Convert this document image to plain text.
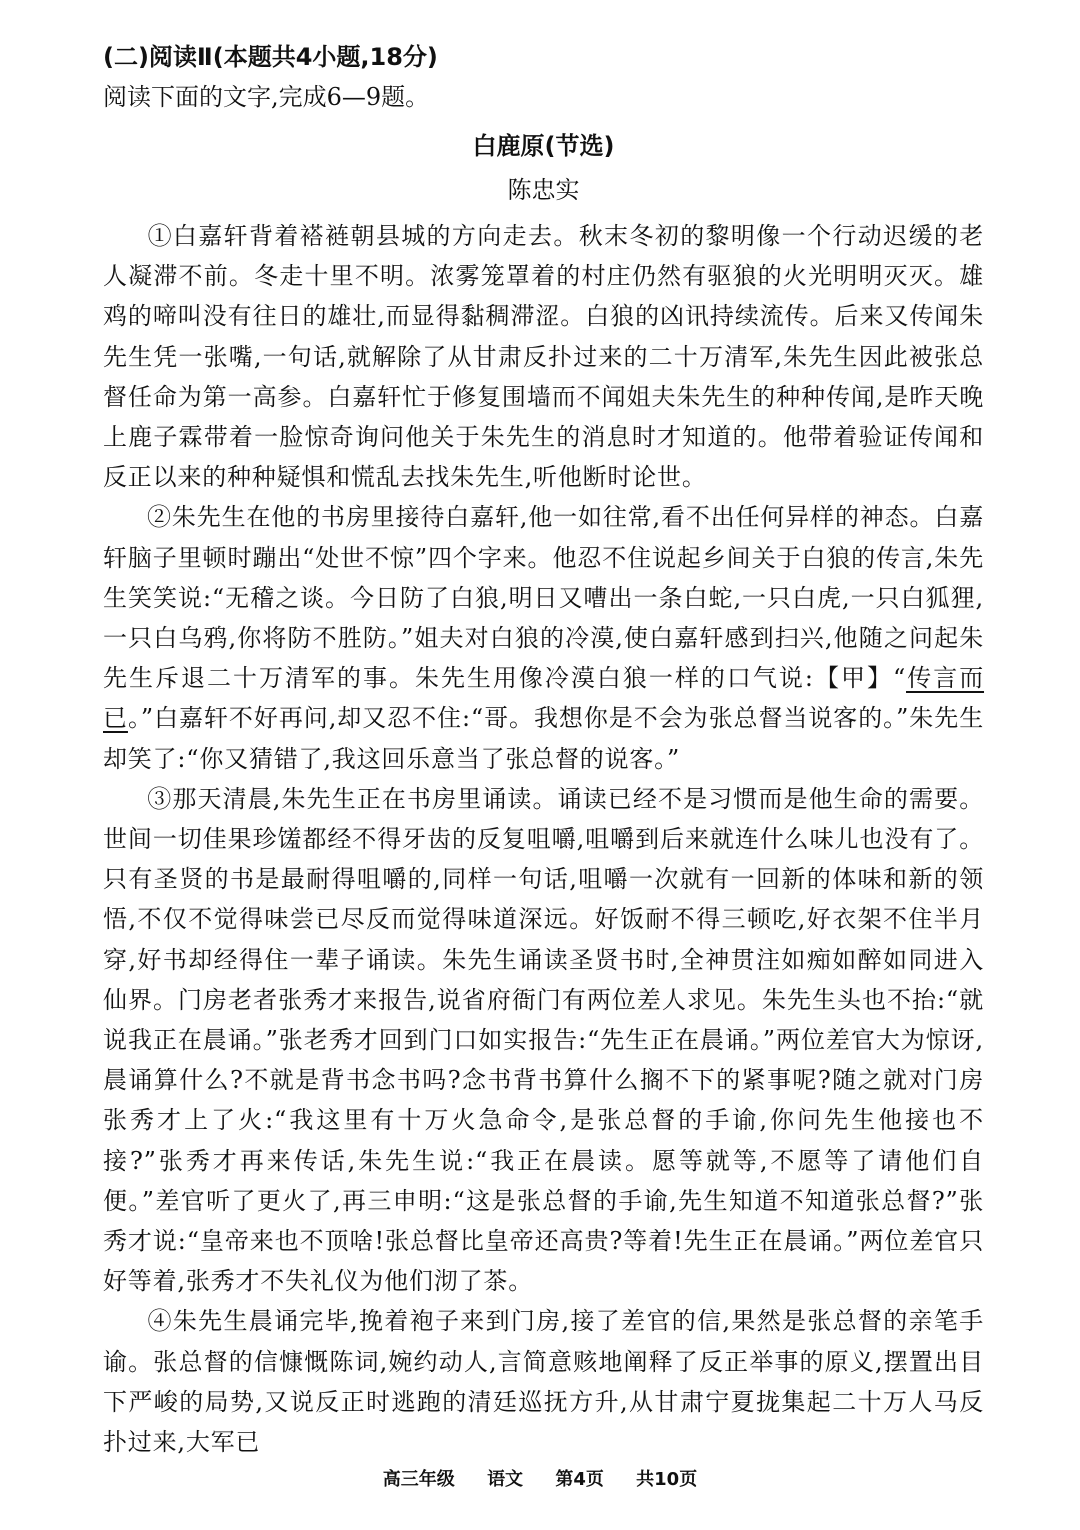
(二)阅读Ⅱ(本题共4小题,18分)

阅读下面的文字,完成6—9题。

白鹿原(节选)

陈忠实

①白嘉轩背着褡裢朝县城的方向走去。秋末冬初的黎明像一个行动迟缓的老人凝滞不前。冬走十里不明。浓雾笼罩着的村庄仍然有驱狼的火光明明灭灭。雄鸡的啼叫没有往日的雄壮,而显得黏稠滞涩。白狼的凶讯持续流传。后来又传闻朱先生凭一张嘴,一句话,就解除了从甘肃反扑过来的二十万清军,朱先生因此被张总督任命为第一高参。白嘉轩忙于修复围墙而不闻姐夫朱先生的种种传闻,是昨天晚上鹿子霖带着一脸惊奇询问他关于朱先生的消息时才知道的。他带着验证传闻和反正以来的种种疑惧和慌乱去找朱先生,听他断时论世。

②朱先生在他的书房里接待白嘉轩,他一如往常,看不出任何异样的神态。白嘉轩脑子里顿时蹦出“处世不惊”四个字来。他忍不住说起乡间关于白狼的传言,朱先生笑笑说:“无稽之谈。今日防了白狼,明日又嘈出一条白蛇,一只白虎,一只白狐狸,一只白乌鸦,你将防不胜防。”姐夫对白狼的冷漠,使白嘉轩感到扫兴,他随之问起朱先生斥退二十万清军的事。朱先生用像冷漠白狼一样的口气说:【甲】“传言而已。”白嘉轩不好再问,却又忍不住:“哥。我想你是不会为张总督当说客的。”朱先生却笑了:“你又猜错了,我这回乐意当了张总督的说客。”

③那天清晨,朱先生正在书房里诵读。诵读已经不是习惯而是他生命的需要。世间一切佳果珍馐都经不得牙齿的反复咀嚼,咀嚼到后来就连什么味儿也没有了。只有圣贤的书是最耐得咀嚼的,同样一句话,咀嚼一次就有一回新的体味和新的领悟,不仅不觉得味尝已尽反而觉得味道深远。好饭耐不得三顿吃,好衣架不住半月穿,好书却经得住一辈子诵读。朱先生诵读圣贤书时,全神贯注如痴如醉如同进入仙界。门房老者张秀才来报告,说省府衙门有两位差人求见。朱先生头也不抬:“就说我正在晨诵。”张老秀才回到门口如实报告:“先生正在晨诵。”两位差官大为惊讶,晨诵算什么?不就是背书念书吗?念书背书算什么搁不下的紧事呢?随之就对门房张秀才上了火:“我这里有十万火急命令,是张总督的手谕,你问先生他接也不接?”张秀才再来传话,朱先生说:“我正在晨读。愿等就等,不愿等了请他们自便。”差官听了更火了,再三申明:“这是张总督的手谕,先生知道不知道张总督?”张秀才说:“皇帝来也不顶啥!张总督比皇帝还高贵?等着!先生正在晨诵。”两位差官只好等着,张秀才不失礼仪为他们沏了茶。

④朱先生晨诵完毕,挽着袍子来到门房,接了差官的信,果然是张总督的亲笔手谕。张总督的信慷慨陈词,婉约动人,言简意赅地阐释了反正举事的原义,摆置出目下严峻的局势,又说反正时逃跑的清廷巡抚方升,从甘肃宁夏拢集起二十万人马反扑过来,大军已

高三年级 语文 第4页 共10页
